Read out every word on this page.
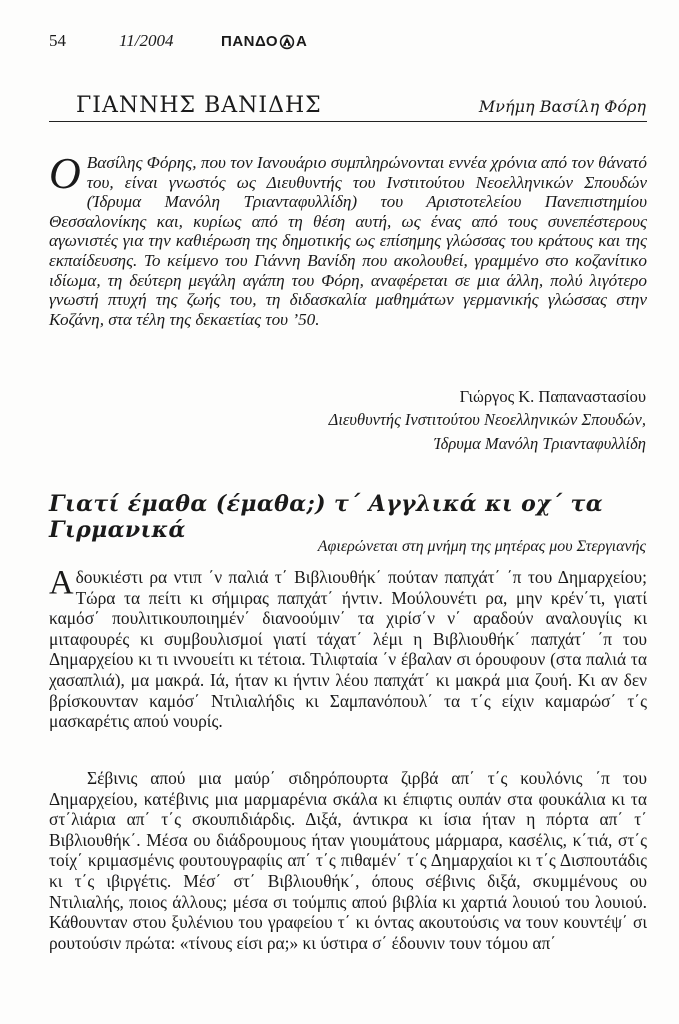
54	11/2004	ΠΑΝΔΟ Α
ΓΙΑΝΝΗΣ ΒΑΝΙΔΗΣ	Μνήμη Βασίλη Φόρη
Ο Βασίλης Φόρης, που τον Ιανουάριο συμπληρώνονται εννέα χρόνια από τον θάνατό του, είναι γνωστός ως Διευθυντής του Ινστιτούτου Νεοελληνικών Σπουδών (Ίδρυμα Μανόλη Τριανταφυλλίδη) του Αριστοτελείου Πανεπιστημίου Θεσσαλονίκης και, κυρίως από τη θέση αυτή, ως ένας από τους συνεπέστερους αγωνιστές για την καθιέρωση της δημοτικής ως επίσημης γλώσσας του κράτους και της εκπαίδευσης. Το κείμενο του Γιάννη Βανίδη που ακολουθεί, γραμμένο στο κοζανίτικο ιδίωμα, τη δεύτερη μεγάλη αγάπη του Φόρη, αναφέρεται σε μια άλλη, πολύ λιγότερο γνωστή πτυχή της ζωής του, τη διδασκαλία μαθημάτων γερμανικής γλώσσας στην Κοζάνη, στα τέλη της δεκαετίας του ’50.
Γιώργος Κ. Παπαναστασίου
Διευθυντής Ινστιτούτου Νεοελληνικών Σπουδών,
Ίδρυμα Μανόλη Τριανταφυλλίδη
Γιατί έμαθα (έμαθα;) τ΄ Αγγλικά κι οχ΄ τα Γιρμανικά
Αφιερώνεται στη μνήμη της μητέρας μου Στεργιανής
Αδουκιέστι ρα ντιπ ΄ν παλιά τ΄ Βιβλιουθήκ΄ πούταν παπχάτ΄ ΄π του Δημαρχείου; Τώρα τα πείτι κι σήμιρας παπχάτ΄ ήντιν. Μούλουνέτι ρα, μην κρέν΄τι, γιατί καμόσ΄ πουλιτικουποιημέν΄ διανοούμιν΄ τα χιρίσ΄ν ν΄ αραδούν αναλουγίις κι μιταφουρές κι συμβουλισμοί γιατί τάχατ΄ λέμι η Βιβλιουθήκ΄ παπχάτ΄ ΄π του Δημαρχείου κι τι ιννουείτι κι τέτοια. Τιλιφταία ΄ν έβαλαν σι όρουφουν (στα παλιά τα χασαπλιά), μα μακρά. Ιά, ήταν κι ήντιν λέου παπχάτ΄ κι μακρά μια ζουή. Κι αν δεν βρίσκουνταν καμόσ΄ Ντιλιαλήδις κι Σαμπανόπουλ΄ τα τ΄ς είχιν καμαρώσ΄ τ΄ς μασκαρέτις απού νουρίς.
Σέβινις απού μια μαύρ΄ σιδηρόπουρτα ζιρβά απ΄ τ΄ς κουλόνις ΄π του Δημαρχείου, κατέβινις μια μαρμαρένια σκάλα κι έπιφτις ουπάν στα φουκάλια κι τα στ΄λιάρια απ΄ τ΄ς σκουπιδιάρδις. Διξά, άντικρα κι ίσια ήταν η πόρτα απ΄ τ΄ Βιβλιουθήκ΄. Μέσα ου διάδρουμους ήταν γιουμάτους μάρμαρα, κασέλις, κ΄τιά, στ΄ς τοίχ΄ κριμασμένις φουτουγραφίις απ΄ τ΄ς πιθαμέν΄ τ΄ς Δημαρχαίοι κι τ΄ς Δισπουτάδις κι τ΄ς ιβιργέτις. Μέσ΄ στ΄ Βιβλιουθήκ΄, όπους σέβινις διξά, σκυμμένους ου Ντιλιαλής, ποιος άλλους; μέσα σι τούμπις απού βιβλία κι χαρτιά λουιού του λουιού. Κάθουνταν στου ξυλένιου του γραφείου τ΄ κι όντας ακουτούσις να τουν κουντέψ΄ σι ρουτούσιν πρώτα: «τίνους είσι ρα;» κι ύστιρα σ΄ έδουνιν τουν τόμου απ΄
